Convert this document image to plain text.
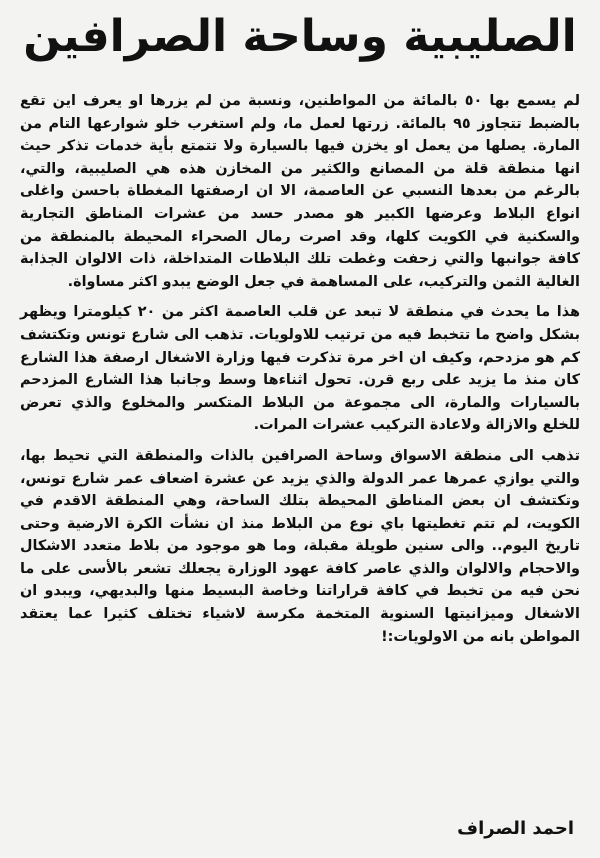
الصليبية وساحة الصرافين

لم يسمع بها ٥٠ بالمائة من المواطنين، ونسبة من لم يزرها او يعرف اين تقع بالضبط تتجاوز ٩٥ بالمائة. زرتها لعمل ما، ولم استغرب خلو شوارعها التام من المارة. يصلها من يعمل او يخزن فيها بالسيارة ولا تتمتع بأية خدمات تذكر حيث انها منطقة قلة من المصانع والكثير من المخازن هذه هي الصليبية، والتي، بالرغم من بعدها النسبي عن العاصمة، الا ان ارصفتها المغطاة باحسن واغلى انواع البلاط وعرضها الكبير هو مصدر حسد من عشرات المناطق التجارية والسكنية في الكويت كلها، وقد اصرت رمال الصحراء المحيطة بالمنطقة من كافة جوانبها والتي زحفت وغطت تلك البلاطات المتداخلة، ذات الالوان الجذابة الغالية الثمن والتركيب، على المساهمة في جعل الوضع يبدو اكثر مساواة.

هذا ما يحدث في منطقة لا تبعد عن قلب العاصمة اكثر من ٢٠ كيلومترا ويظهر بشكل واضح ما تتخبط فيه من ترتيب للاولويات. تذهب الى شارع تونس وتكتشف كم هو مزدحم، وكيف ان اخر مرة تذكرت فيها وزارة الاشغال ارصفة هذا الشارع كان منذ ما يزيد على ربع قرن. تحول اثناءها وسط وجانبا هذا الشارع المزدحم بالسيارات والمارة، الى مجموعة من البلاط المتكسر والمخلوع والذي تعرض للخلع والازالة ولاعادة التركيب عشرات المرات.

تذهب الى منطقة الاسواق وساحة الصرافين بالذات والمنطقة التي تحيط بها، والتي يوازي عمرها عمر الدولة والذي يزيد عن عشرة اضعاف عمر شارع تونس، وتكتشف ان بعض المناطق المحيطة بتلك الساحة، وهي المنطقة الاقدم في الكويت، لم تتم تغطيتها باي نوع من البلاط منذ ان نشأت الكرة الارضية وحتى تاريخ اليوم.. والى سنين طويلة مقبلة، وما هو موجود من بلاط متعدد الاشكال والاحجام والالوان والذي عاصر كافة عهود الوزارة يجعلك تشعر بالأسى على ما نحن فيه من تخبط في كافة قراراتنا وخاصة البسيط منها والبديهي، ويبدو ان الاشغال وميزانيتها السنوية المتخمة مكرسة لاشياء تختلف كثيرا عما يعتقد المواطن بانه من الاولويات:!

احمد الصراف
